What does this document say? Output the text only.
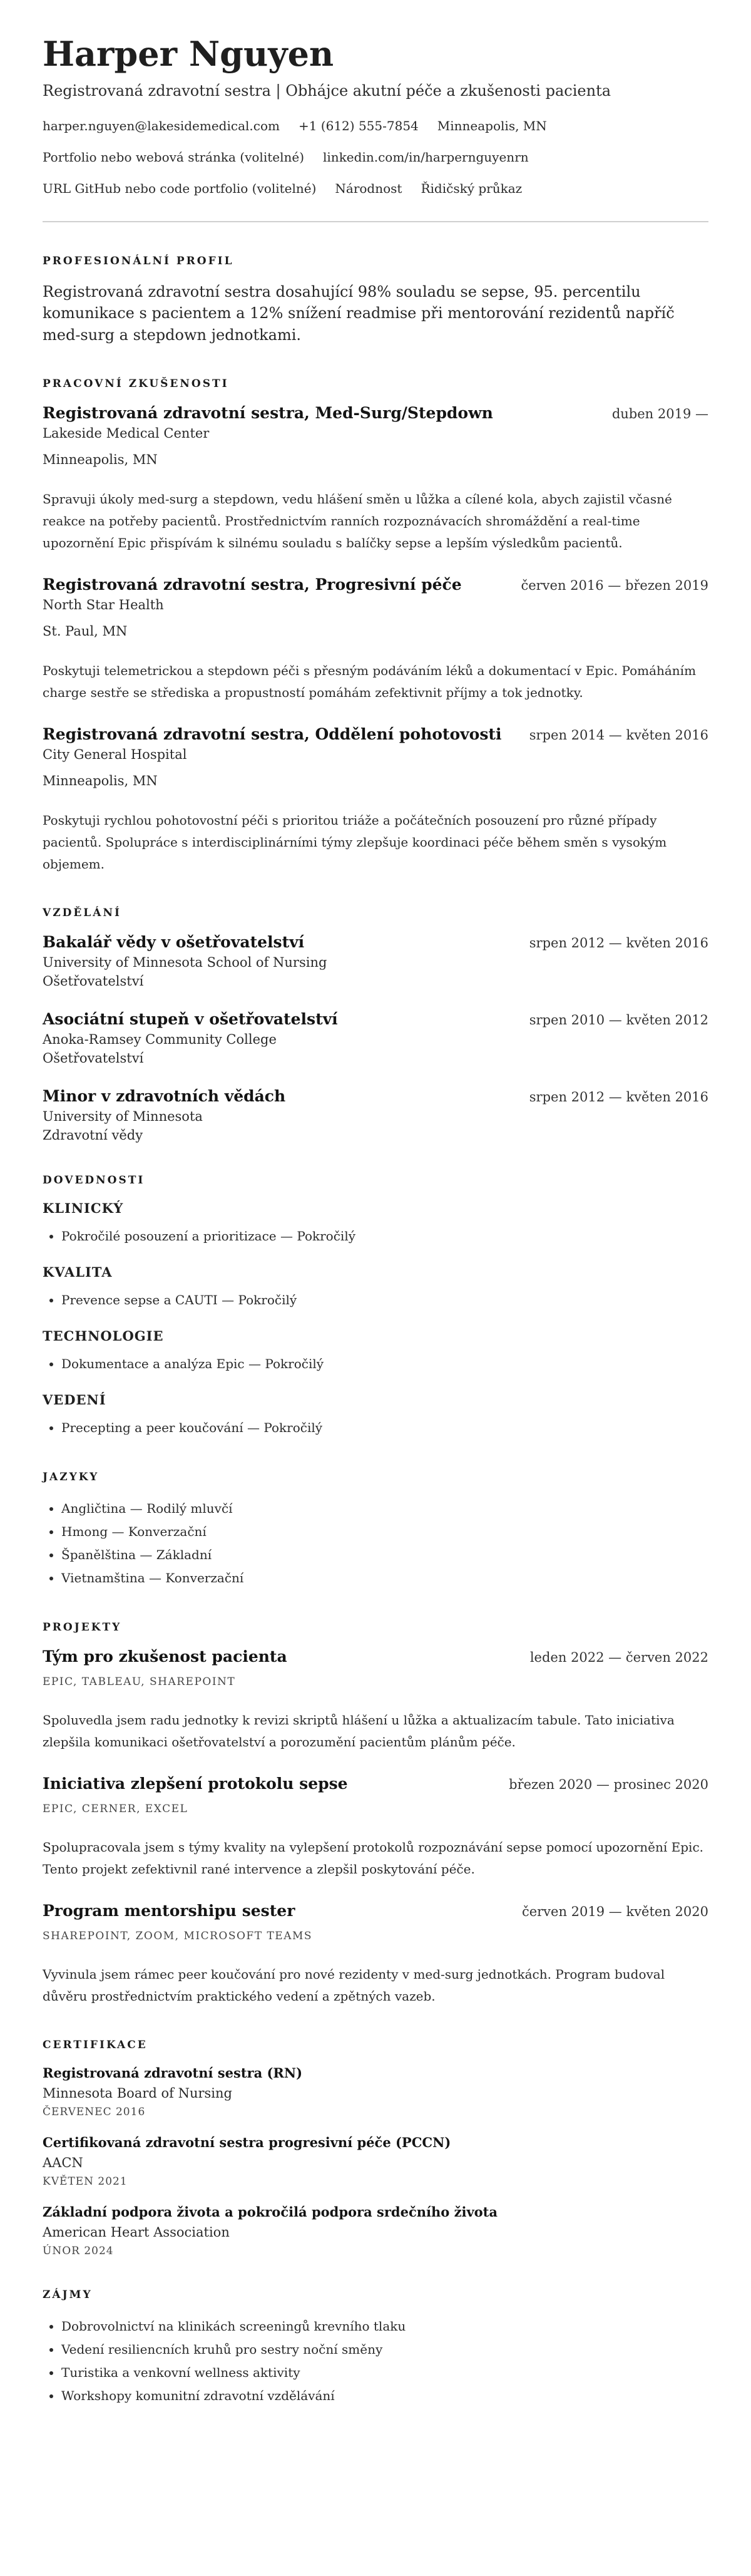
Harper Nguyen
Registrovaná zdravotní sestra | Obhájce akutní péče a zkušenosti pacienta
harper.nguyen@lakesidemedical.com +1 (612) 555-7854 Minneapolis, MN
Portfolio nebo webová stránka (volitelné) linkedin.com/in/harpernguyenrn
URL GitHub nebo code portfolio (volitelné) Národnost Řidičský průkaz
PROFESIONÁLNÍ PROFIL

Registrovaná zdravotní sestra dosahující 98% souladu se sepse, 95. percentilu komunikace s pacientem a 12% snížení readmise při mentorování rezidentů napříč med-surg a stepdown jednotkami.

PRACOVNÍ ZKUŠENOSTI
Registrovaná zdravotní sestra, Med-Surg/Stepdown	duben 2019 —
Lakeside Medical Center
Minneapolis, MN

Spravuji úkoly med-surg a stepdown, vedu hlášení směn u lůžka a cílené kola, abych zajistil včasné reakce na potřeby pacientů. Prostřednictvím ranních rozpoznávacích shromáždění a real-time upozornění Epic přispívám k silnému souladu s balíčky sepse a lepším výsledkům pacientů.

Registrovaná zdravotní sestra, Progresivní péče	červen 2016 — březen 2019
North Star Health
St. Paul, MN

Poskytuji telemetrickou a stepdown péči s přesným podáváním léků a dokumentací v Epic. Pomáháním charge sestře se střediska a propustností pomáhám zefektivnit příjmy a tok jednotky.

Registrovaná zdravotní sestra, Oddělení pohotovosti srpen 2014 — květen 2016
City General Hospital
Minneapolis, MN

Poskytuji rychlou pohotovostní péči s prioritou triáže a počátečních posouzení pro různé případy pacientů. Spolupráce s interdisciplinárními týmy zlepšuje koordinaci péče během směn s vysokým objemem.

VZDĚLÁNÍ
Bakalář vědy v ošetřovatelství	srpen 2012 — květen 2016
University of Minnesota School of Nursing
Ošetřovatelství
Asociátní stupeň v ošetřovatelství	srpen 2010 — květen 2012
Anoka-Ramsey Community College
Ošetřovatelství
Minor v zdravotních vědách	srpen 2012 — květen 2016
University of Minnesota
Zdravotní vědy
DOVEDNOSTI
KLINICKÝ
• Pokročilé posouzení a prioritizace — Pokročilý
KVALITA
• Prevence sepse a CAUTI — Pokročilý
TECHNOLOGIE
• Dokumentace a analýza Epic — Pokročilý
VEDENÍ
• Precepting a peer koučování — Pokročilý
JAZYKY
• Angličtina — Rodilý mluvčí
• Hmong — Konverzační
• Španělština — Základní
• Vietnamština — Konverzační
PROJEKTY
Tým pro zkušenost pacienta	leden 2022 — červen 2022
EPIC, TABLEAU, SHAREPOINT

Spoluvedla jsem radu jednotky k revizi skriptů hlášení u lůžka a aktualizacím tabule. Tato iniciativa zlepšila komunikaci ošetřovatelství a porozumění pacientům plánům péče.

Iniciativa zlepšení protokolu sepse	březen 2020 — prosinec 2020
EPIC, CERNER, EXCEL

Spolupracovala jsem s týmy kvality na vylepšení protokolů rozpoznávání sepse pomocí upozornění Epic. Tento projekt zefektivnil rané intervence a zlepšil poskytování péče.

Program mentorshipu sester	červen 2019 — květen 2020
SHAREPOINT, ZOOM, MICROSOFT TEAMS

Vyvinula jsem rámec peer koučování pro nové rezidenty v med-surg jednotkách. Program budoval důvěru prostřednictvím praktického vedení a zpětných vazeb.

CERTIFIKACE
Registrovaná zdravotní sestra (RN)
Minnesota Board of Nursing
ČERVENEC 2016
Certifikovaná zdravotní sestra progresivní péče (PCCN)
AACN
KVĚTEN 2021
Základní podpora života a pokročilá podpora srdečního života
American Heart Association
ÚNOR 2024
ZÁJMY
• Dobrovolnictví na klinikách screeningů krevního tlaku
• Vedení resiliencních kruhů pro sestry noční směny
• Turistika a venkovní wellness aktivity
• Workshopy komunitní zdravotní vzdělávání
